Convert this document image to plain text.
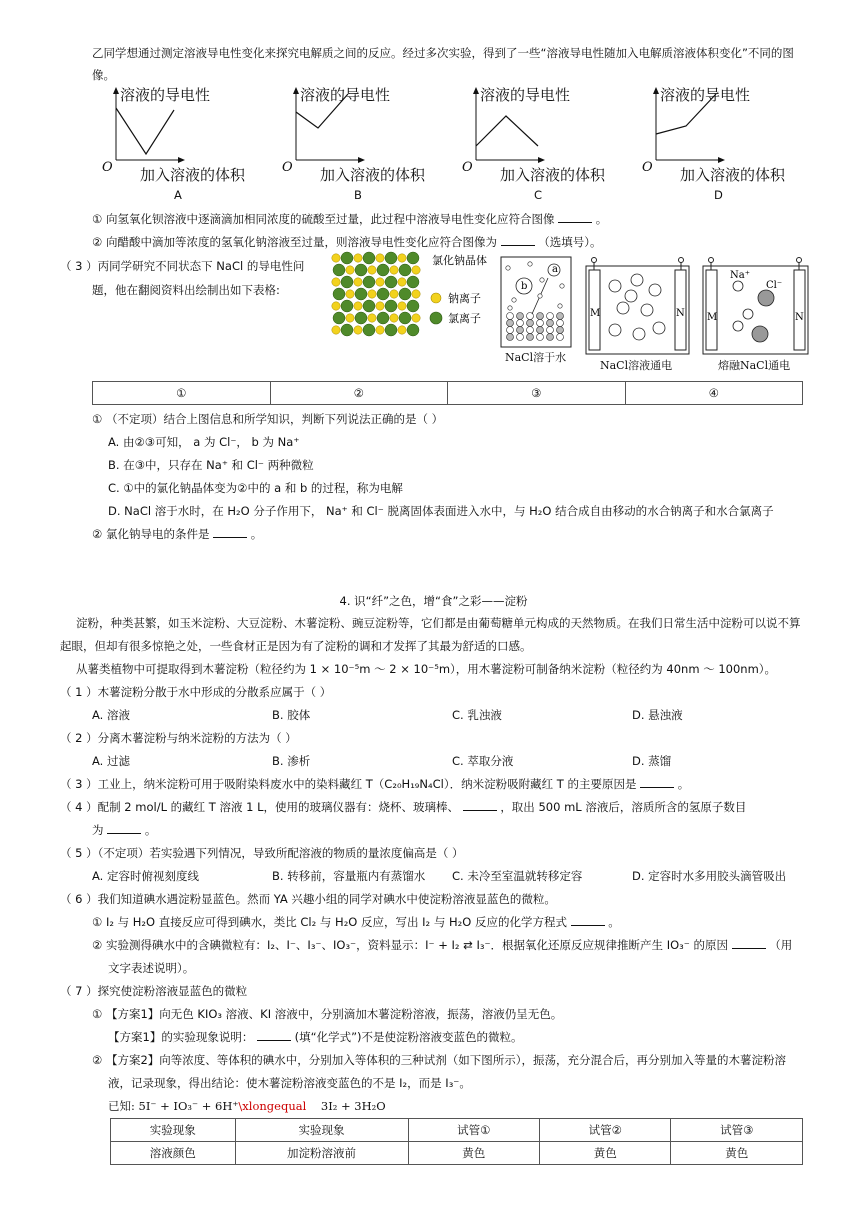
乙同学想通过测定溶液导电性变化来探究电解质之间的反应。经过多次实验，得到了一些“溶液导电性随加入电解质溶液体积变化”不同的图
像。
溶液的导电性
O 加入溶液的体积
A
溶液的导电性
O 加入溶液的体积
B
溶液的导电性
O 加入溶液的体积
C
溶液的导电性
O 加入溶液的体积
D
① 向氢氧化钡溶液中逐滴滴加相同浓度的硫酸至过量，此过程中溶液导电性变化应符合图像	。
② 向醋酸中滴加等浓度的氢氧化钠溶液至过量，则溶液导电性变化应符合图像为	（选填号）。
（ 3 ）丙同学研究不同状态下 NaCl 的导电性问
题，他在翻阅资料出绘制出如下表格:
氯化钠晶体
钠离子
氯离子
b
a
NaCl溶于水
M	N
NaCl溶液通电
M	N
Na⁺
Cl⁻
熔融NaCl通电
①	②	③	④
① （不定项）结合上图信息和所学知识，判断下列说法正确的是（ ）
A. 由②③可知， a 为 Cl⁻， b 为 Na⁺
B. 在③中，只存在 Na⁺ 和 Cl⁻ 两种微粒
C. ①中的氯化钠晶体变为②中的 a 和 b 的过程，称为电解
D. NaCl 溶于水时，在 H₂O 分子作用下， Na⁺ 和 Cl⁻ 脱离固体表面进入水中，与 H₂O 结合成自由移动的水合钠离子和水合氯离子
② 氯化钠导电的条件是	。
4. 识“纤”之色，增“食”之彩——淀粉
淀粉，种类甚繁，如玉米淀粉、大豆淀粉、木薯淀粉、豌豆淀粉等，它们都是由葡萄糖单元构成的天然物质。在我们日常生活中淀粉可以说不算
起眼，但却有很多惊艳之处，一些食材正是因为有了淀粉的调和才发挥了其最为舒适的口感。
从薯类植物中可提取得到木薯淀粉（粒径约为 1 × 10⁻⁵m ～ 2 × 10⁻⁵m），用木薯淀粉可制备纳米淀粉（粒径约为 40nm ～ 100nm）。
（ 1 ）木薯淀粉分散于水中形成的分散系应属于（ ）
A. 溶液	B. 胶体	C. 乳浊液	D. 悬浊液
（ 2 ）分离木薯淀粉与纳米淀粉的方法为（ ）
A. 过滤	B. 渗析	C. 萃取分液	D. 蒸馏
（ 3 ）工业上，纳米淀粉可用于吸附染料废水中的染料藏红 T（C₂₀H₁₉N₄Cl）．纳米淀粉吸附藏红 T 的主要原因是	。
（ 4 ）配制 2 mol/L 的藏红 T 溶液 1 L，使用的玻璃仪器有：烧杯、玻璃棒、	，取出 500 mL 溶液后，溶质所含的氢原子数目
为	。
（ 5 ）（不定项）若实验遇下列情况，导致所配溶液的物质的量浓度偏高是（ ）
A. 定容时俯视刻度线	B. 转移前，容量瓶内有蒸馏水 C. 未冷至室温就转移定容	D. 定容时水多用胶头滴管吸出
（ 6 ）我们知道碘水遇淀粉显蓝色。然而 YA 兴趣小组的同学对碘水中使淀粉溶液显蓝色的微粒。
① I₂ 与 H₂O 直接反应可得到碘水，类比 Cl₂ 与 H₂O 反应，写出 I₂ 与 H₂O 反应的化学方程式	。
② 实验测得碘水中的含碘微粒有：I₂、I⁻、I₃⁻、IO₃⁻，资料显示：I⁻ + I₂ ⇄ I₃⁻．根据氧化还原反应规律推断产生 IO₃⁻ 的原因	（用
文字表述说明）。
（ 7 ）探究使淀粉溶液显蓝色的微粒
① 【方案1】向无色 KIO₃ 溶液、KI 溶液中，分别滴加木薯淀粉溶液，振荡，溶液仍呈无色。
【方案1】的实验现象说明：	(填“化学式”)不是使淀粉溶液变蓝色的微粒。
② 【方案2】向等浓度、等体积的碘水中，分别加入等体积的三种试剂（如下图所示），振荡，充分混合后，再分别加入等量的木薯淀粉溶
液，记录现象，得出结论：使木薯淀粉溶液变蓝色的不是 I₂，而是 I₃⁻。
已知: 5I⁻ + IO₃⁻ + 6H⁺\xlongequal 3I₂ + 3H₂O
实验现象	实验现象	试管①	试管②	试管③
溶液颜色	加淀粉溶液前	黄色	黄色	黄色
